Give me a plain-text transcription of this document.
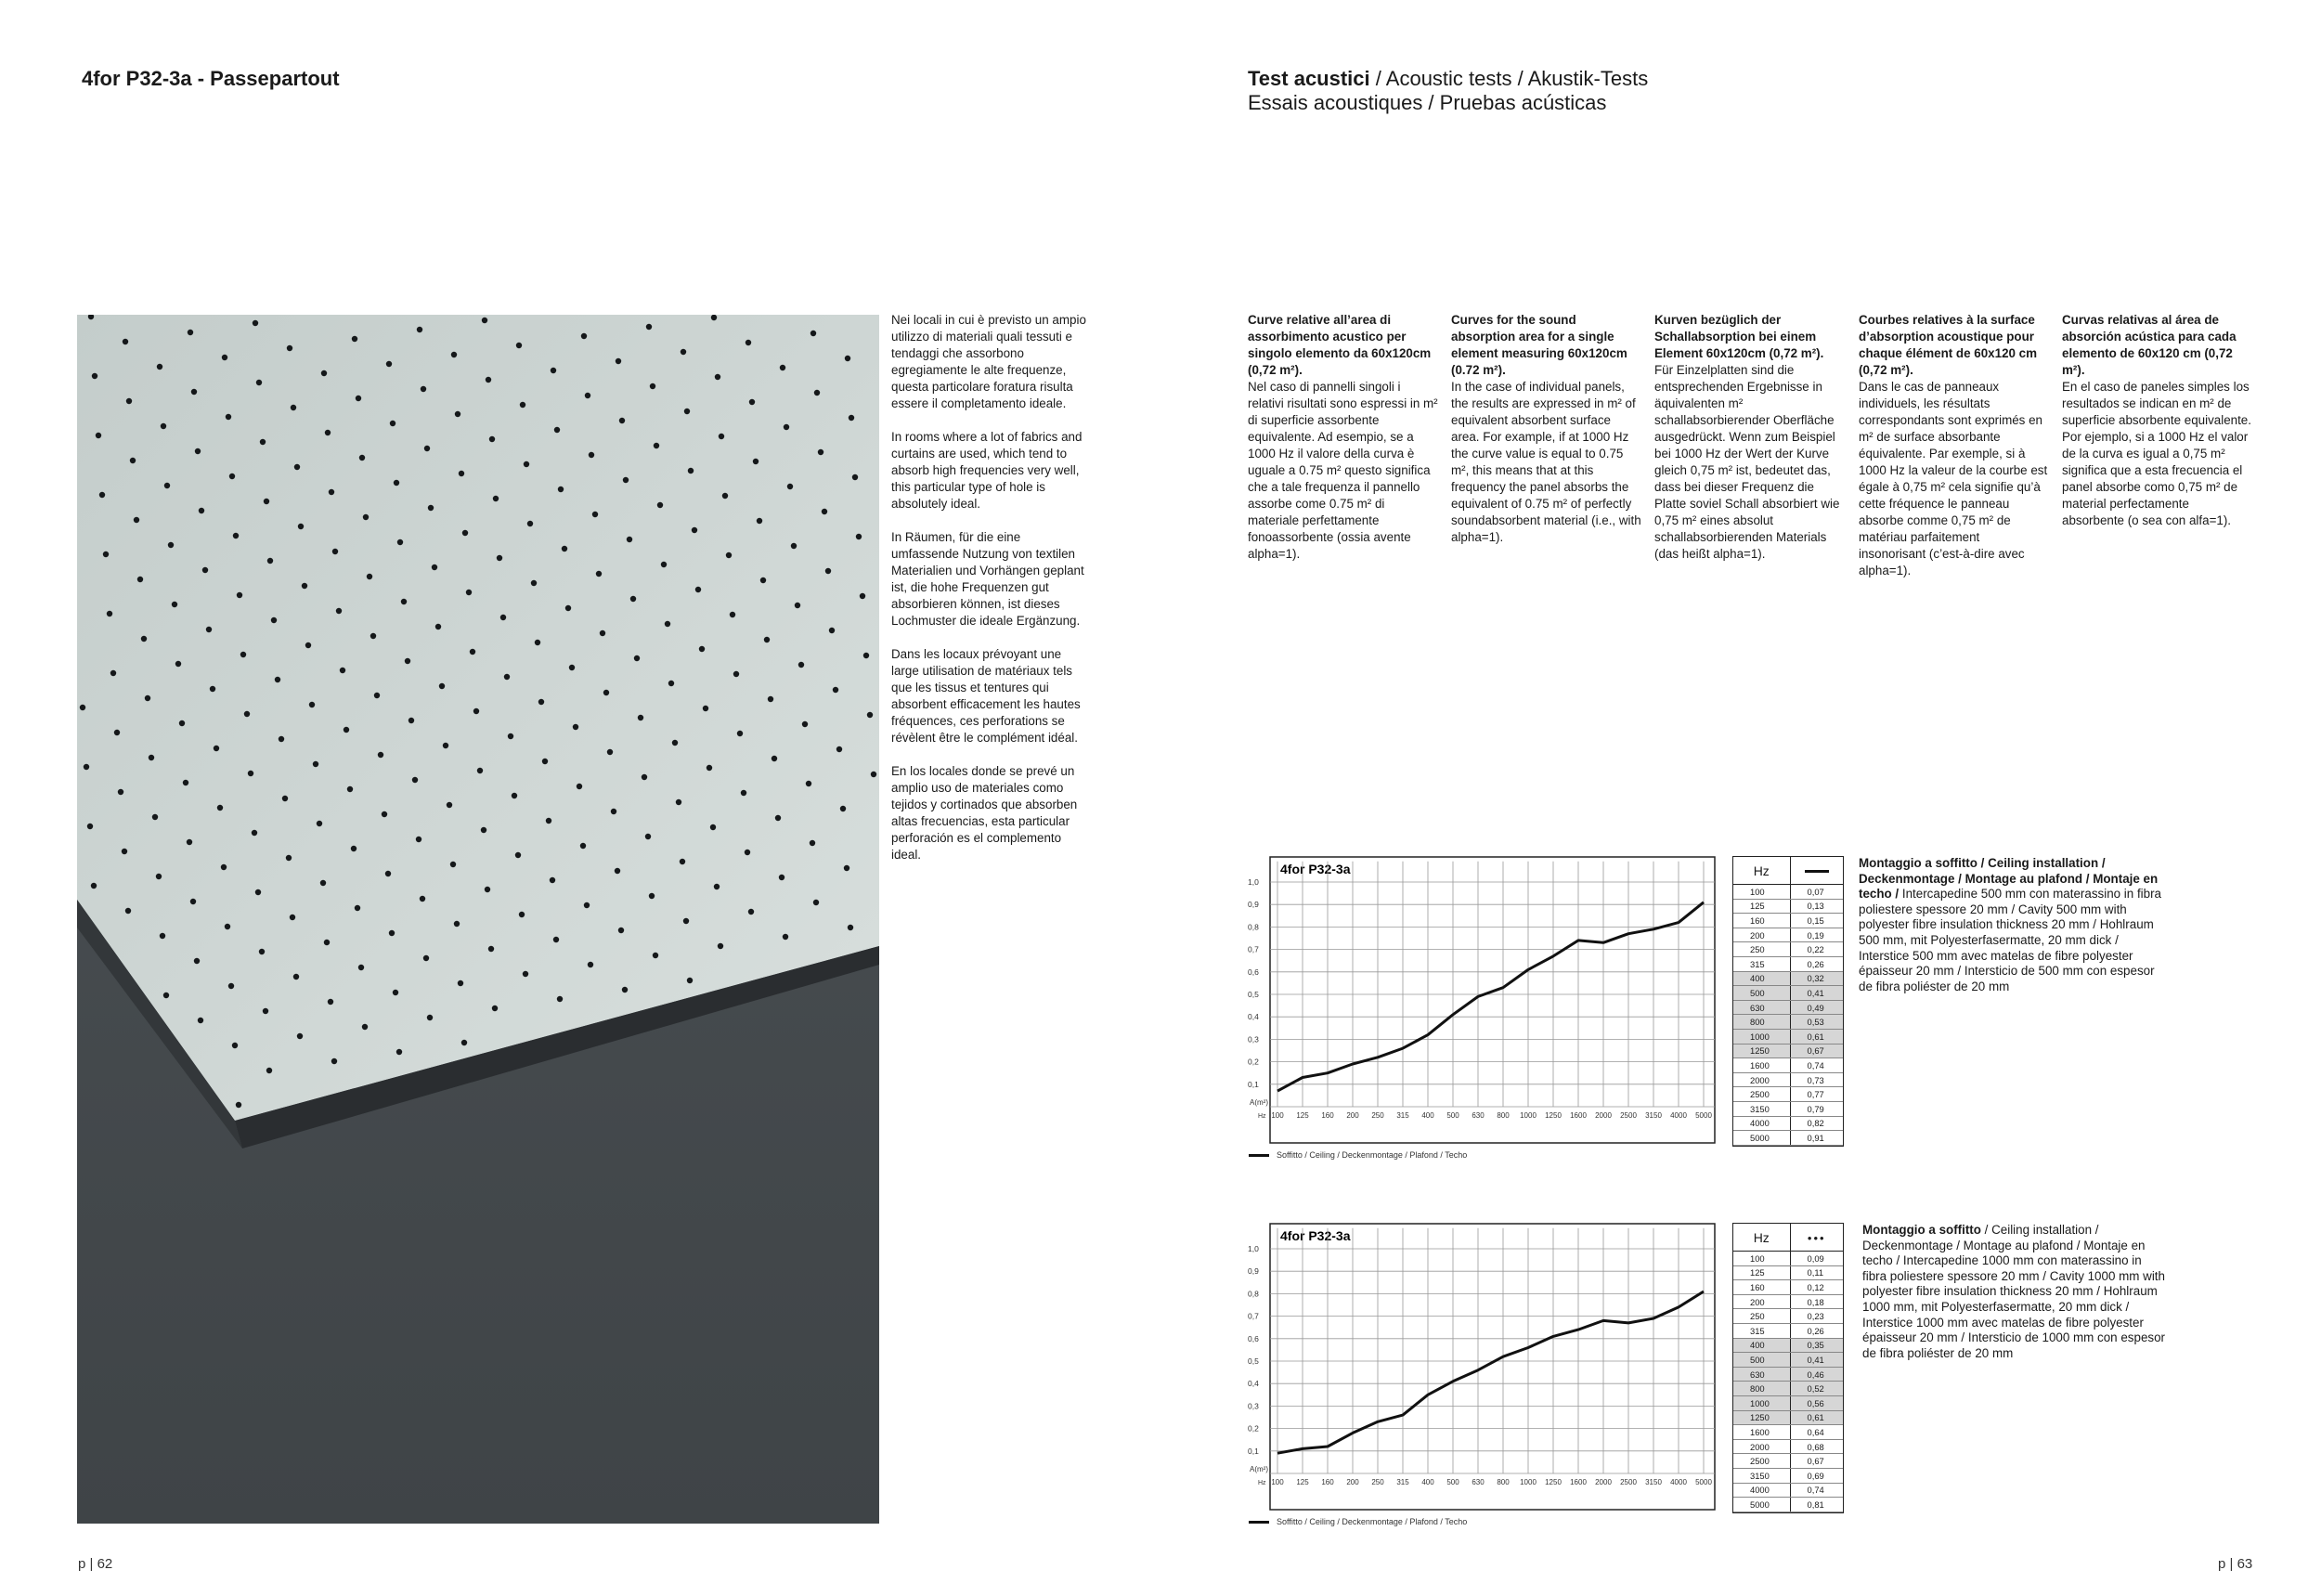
4for P32-3a - Passepartout

Nei locali in cui è previsto un ampio utilizzo di materiali quali tessuti e tendaggi che assorbono egregiamente le alte frequenze, questa particolare foratura risulta essere il completamento ideale.

In rooms where a lot of fabrics and curtains are used, which tend to absorb high frequencies very well, this particular type of hole is absolutely ideal.

In Räumen, für die eine umfassende Nutzung von textilen Materialien und Vorhängen geplant ist, die hohe Frequenzen gut absorbieren können, ist dieses Lochmuster die ideale Ergänzung.

Dans les locaux prévoyant une large utilisation de matériaux tels que les tissus et tentures qui absorbent efficacement les hautes fréquences, ces perforations se révèlent être le complément idéal.

En los locales donde se prevé un amplio uso de materiales como tejidos y cortinados que absorben altas frecuencias, esta particular perforación es el complemento ideal.

p | 62
Test acustici / Acoustic tests / Akustik-Tests
Essais acoustiques / Pruebas acústicas
Curve relative all’area di assorbimento acustico per singolo elemento da 60x120cm (0,72 m²).
Nel caso di pannelli singoli i relativi risultati sono espressi in m² di superficie assorbente equivalente. Ad esempio, se a 1000 Hz il valore della curva è uguale a 0.75 m² questo significa che a tale frequenza il pannello assorbe come 0.75 m² di materiale perfettamente fonoassorbente (ossia avente alpha=1).
Curves for the sound absorption area for a single element measuring 60x120cm (0.72 m²).
In the case of individual panels, the results are expressed in m² of equivalent absorbent surface area. For example, if at 1000 Hz the curve value is equal to 0.75 m², this means that at this frequency the panel absorbs the equivalent of 0.75 m² of perfectly soundabsorbent material (i.e., with alpha=1).
Kurven bezüglich der Schallabsorption bei einem Element 60x120cm (0,72 m²).
Für Einzelplatten sind die entsprechenden Ergebnisse in äquivalenten m² schallabsorbierender Oberfläche ausgedrückt. Wenn zum Beispiel bei 1000 Hz der Wert der Kurve gleich 0,75 m² ist, bedeutet das, dass bei dieser Frequenz die Platte soviel Schall absorbiert wie 0,75 m² eines absolut schallabsorbierenden Materials (das heißt alpha=1).
Courbes relatives à la surface d’absorption acoustique pour chaque élément de 60x120 cm (0,72 m²).
Dans le cas de panneaux individuels, les résultats correspondants sont exprimés en m² de surface absorbante équivalente. Par exemple, si à 1000 Hz la valeur de la courbe est égale à 0,75 m² cela signifie qu’à cette fréquence le panneau absorbe comme 0,75 m² de matériau parfaitement insonorisant (c’est-à-dire avec alpha=1).
Curvas relativas al área de absorción acústica para cada elemento de 60x120 cm (0,72 m²).
En el caso de paneles simples los resultados se indican en m² de superficie absorbente equivalente. Por ejemplo, si a 1000 Hz el valor de la curva es igual a 0,75 m² significa que a esta frecuencia el panel absorbe como 0,75 m² de material perfectamente absorbente (o sea con alfa=1).
4for P32-3a
0,1
0,2
0,3
0,4
0,5
0,6
0,7
0,8
0,9
1,0
100 125 160 200 250 315 400 500 630 800 1000 1250 1600 2000 2500 3150 4000 5000
A(m²)
Hz
Soffitto / Ceiling / Deckenmontage / Plafond / Techo
Hz	
100	0,07
125	0,13
160	0,15
200	0,19
250	0,22
315	0,26
400	0,32
500	0,41
630	0,49
800	0,53
1000	0,61
1250	0,67
1600	0,74
2000	0,73
2500	0,77
3150	0,79
4000	0,82
5000	0,91
Montaggio a soffitto / Ceiling installation / Deckenmontage / Montage au plafond / Montaje en techo / Intercapedine 500 mm con materassino in fibra poliestere spessore 20 mm / Cavity 500 mm with polyester fibre insulation thickness 20 mm / Hohlraum 500 mm, mit Polyesterfasermatte, 20 mm dick / Interstice 500 mm avec matelas de fibre polyester épaisseur 20 mm / Intersticio de 500 mm con espesor de fibra poliéster de 20 mm
4for P32-3a
0,1
0,2
0,3
0,4
0,5
0,6
0,7
0,8
0,9
1,0
100 125 160 200 250 315 400 500 630 800 1000 1250 1600 2000 2500 3150 4000 5000
A(m²)
Hz
Soffitto / Ceiling / Deckenmontage / Plafond / Techo
Hz	•••
100	0,09
125	0,11
160	0,12
200	0,18
250	0,23
315	0,26
400	0,35
500	0,41
630	0,46
800	0,52
1000	0,56
1250	0,61
1600	0,64
2000	0,68
2500	0,67
3150	0,69
4000	0,74
5000	0,81
Montaggio a soffitto / Ceiling installation / Deckenmontage / Montage au plafond / Montaje en techo / Intercapedine 1000 mm con materassino in fibra poliestere spessore 20 mm / Cavity 1000 mm with polyester fibre insulation thickness 20 mm / Hohlraum 1000 mm, mit Polyesterfasermatte, 20 mm dick / Interstice 1000 mm avec matelas de fibre polyester épaisseur 20 mm / Intersticio de 1000 mm con espesor de fibra poliéster de 20 mm
p | 63
